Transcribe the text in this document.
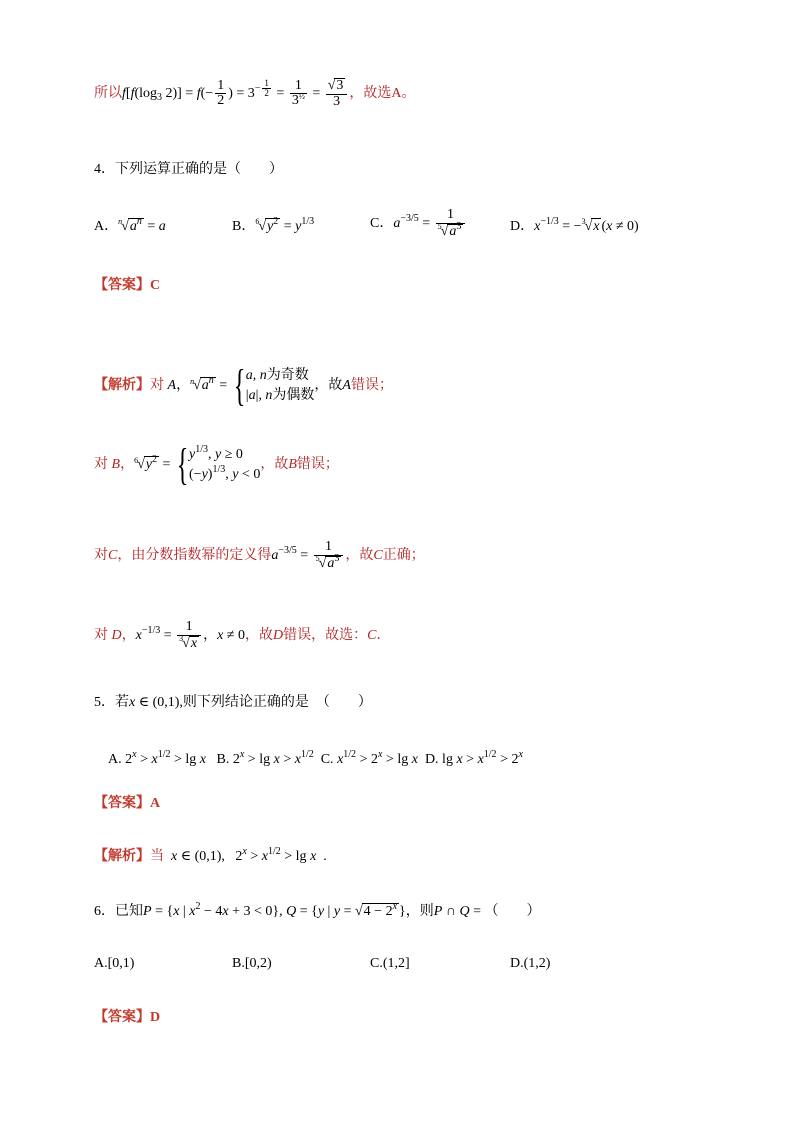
所以$f[f(\log_3$ $2)] = f(- \frac{1}{2}$ ) = $3^{- \frac{1}{2}} = \frac{1}{3^{\frac{1}{2}}} = \frac{√3}{3}$ ，故选A。
4．下列运算正确的是（　　）
A．$^n√a^n = a$	B．$^6√y^2 = y^{1/3}$	C．$a^{-3/5} = \frac{1}{^5√a^3}$	D．$x^{-1/3} = -^3√x$ (x ≠ 0)
【答案】C
【解析】对 A，$^n√a^n$ = { a, n为奇数
|a|, n为偶数
，故A错误；
对 B，$^6√y^2$ = { $y^{1/3}$, y ≥ 0
$(-y)^{1/3}$, y < 0
，故B错误；
对C，由分数指数幂的定义得$a^{-3/5} = \frac{1}{^5√a^3}$ ，故C正确；
对 D，$x^{-1/3} = \frac{1}{^3√x}$ ，x ≠ 0，故D错误，故选：C．
5．若x ∈ (0,1),则下列结论正确的是　（　　）
A. $2^x > x^{1/2} > \lg x$   B. $2^x > \lg x > x^{1/2}$  C. $x^{1/2} > 2^x > \lg x$  D. $\lg x > x^{1/2} > 2^x$
【答案】A
【解析】当 x ∈ (0,1),   $2^x > x^{1/2} > \lg x$  .
6．已知P = {x | $x^2 - 4x + 3 < 0$}, Q = {y | $y = √4 - 2^x$ }，则P ∩ Q = （　　）
A.[0,1)	B.[0,2)	C.(1,2]	D.(1,2)
【答案】D
